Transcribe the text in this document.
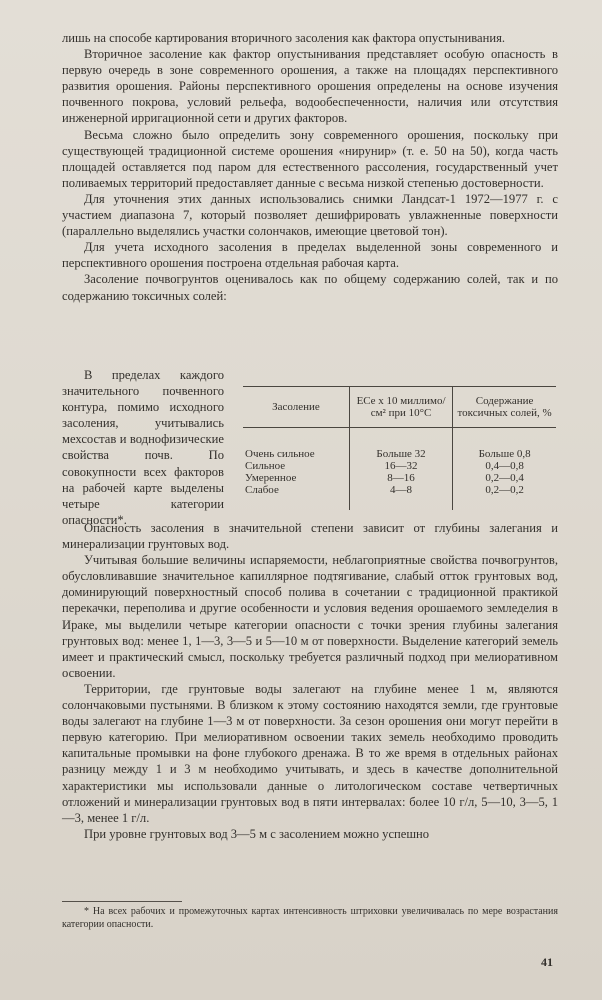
лишь на способе картирования вторичного засоления как фактора опустынивания.

Вторичное засоление как фактор опустынивания представляет особую опасность в первую очередь в зоне современного орошения, а также на площадях перспективного развития орошения. Районы перспективного орошения определены на основе изучения почвенного покрова, условий рельефа, водообеспеченности, наличия или отсутствия инженерной ирригационной сети и других факторов.

Весьма сложно было определить зону современного орошения, поскольку при существующей традиционной системе орошения «нирунир» (т. е. 50 на 50), когда часть площадей оставляется под паром для естественного рассоления, государственный учет поливаемых территорий предоставляет данные с весьма низкой степенью достоверности.

Для уточнения этих данных использовались снимки Ландсат-1 1972—1977 г. с участием диапазона 7, который позволяет дешифрировать увлажненные поверхности (параллельно выделялись участки солончаков, имеющие цветовой тон).

Для учета исходного засоления в пределах выделенной зоны современного и перспективного орошения построена отдельная рабочая карта.

Засоление почвогрунтов оценивалось как по общему содержанию солей, так и по содержанию токсичных солей:

В пределах каждого значительного почвенного контура, помимо исходного засоления, учитывались мехсостав и воднофизические свойства почв. По совокупности всех факторов на рабочей карте выделены четыре категории опасности*.

Засоление	ECe x 10 миллимо/см² при 10°С	Содержание токсичных солей, %

Очень сильное	Больше 32	Больше 0,8
Сильное	16—32	0,4—0,8
Умеренное	8—16	0,2—0,4
Слабое	4—8	0,2—0,2

Опасность засоления в значительной степени зависит от глубины залегания и минерализации грунтовых вод.

Учитывая большие величины испаряемости, неблагоприятные свойства почвогрунтов, обусловливавшие значительное капиллярное подтягивание, слабый отток грунтовых вод, доминирующий поверхностный способ полива в сочетании с традиционной практикой перекачки, переполива и другие особенности и условия ведения орошаемого земледелия в Ираке, мы выделили четыре категории опасности с точки зрения глубины залегания грунтовых вод: менее 1, 1—3, 3—5 и 5—10 м от поверхности. Выделение категорий земель имеет и практический смысл, поскольку требуется различный подход при мелиоративном освоении.

Территории, где грунтовые воды залегают на глубине менее 1 м, являются солончаковыми пустынями. В близком к этому состоянию находятся земли, где грунтовые воды залегают на глубине 1—3 м от поверхности. За сезон орошения они могут перейти в первую категорию. При мелиоративном освоении таких земель необходимо проводить капитальные промывки на фоне глубокого дренажа. В то же время в отдельных районах разницу между 1 и 3 м необходимо учитывать, и здесь в качестве дополнительной характеристики мы использовали данные о литологическом составе четвертичных отложений и минерализации грунтовых вод в пяти интервалах: более 10 г/л, 5—10, 3—5, 1—3, менее 1 г/л.

При уровне грунтовых вод 3—5 м с засолением можно успешно

* На всех рабочих и промежуточных картах интенсивность штриховки увеличивалась по мере возрастания категории опасности.
41
